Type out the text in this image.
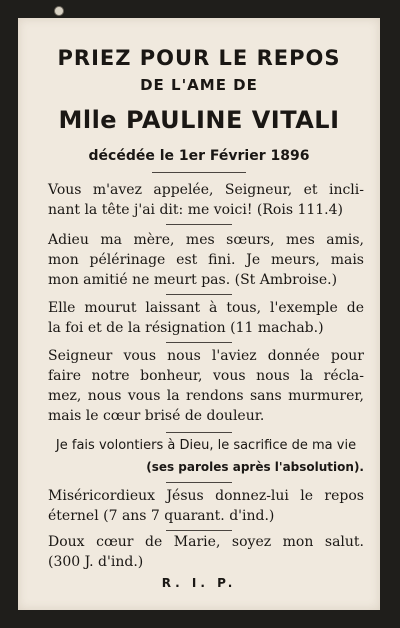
PRIEZ POUR LE REPOS
DE L'AME DE
Mlle PAULINE VITALI
décédée le 1er Février 1896
Vous m'avez appelée, Seigneur, et incli-
nant la tête j'ai dit: me voici! (Rois 111.4)
Adieu ma mère, mes sœurs, mes amis,
mon pélérinage est fini. Je meurs, mais
mon amitié ne meurt pas. (St Ambroise.)
Elle mourut laissant à tous, l'exemple de
la foi et de la résignation (11 machab.)
Seigneur vous nous l'aviez donnée pour
faire notre bonheur, vous nous la récla-
mez, nous vous la rendons sans murmurer,
mais le cœur brisé de douleur.
Je fais volontiers à Dieu, le sacrifice de ma vie
(ses paroles après l'absolution).
Miséricordieux Jésus donnez-lui le repos
éternel (7 ans 7 quarant. d'ind.)
Doux cœur de Marie, soyez mon salut.
(300 J. d'ind.)
R. I. P.
